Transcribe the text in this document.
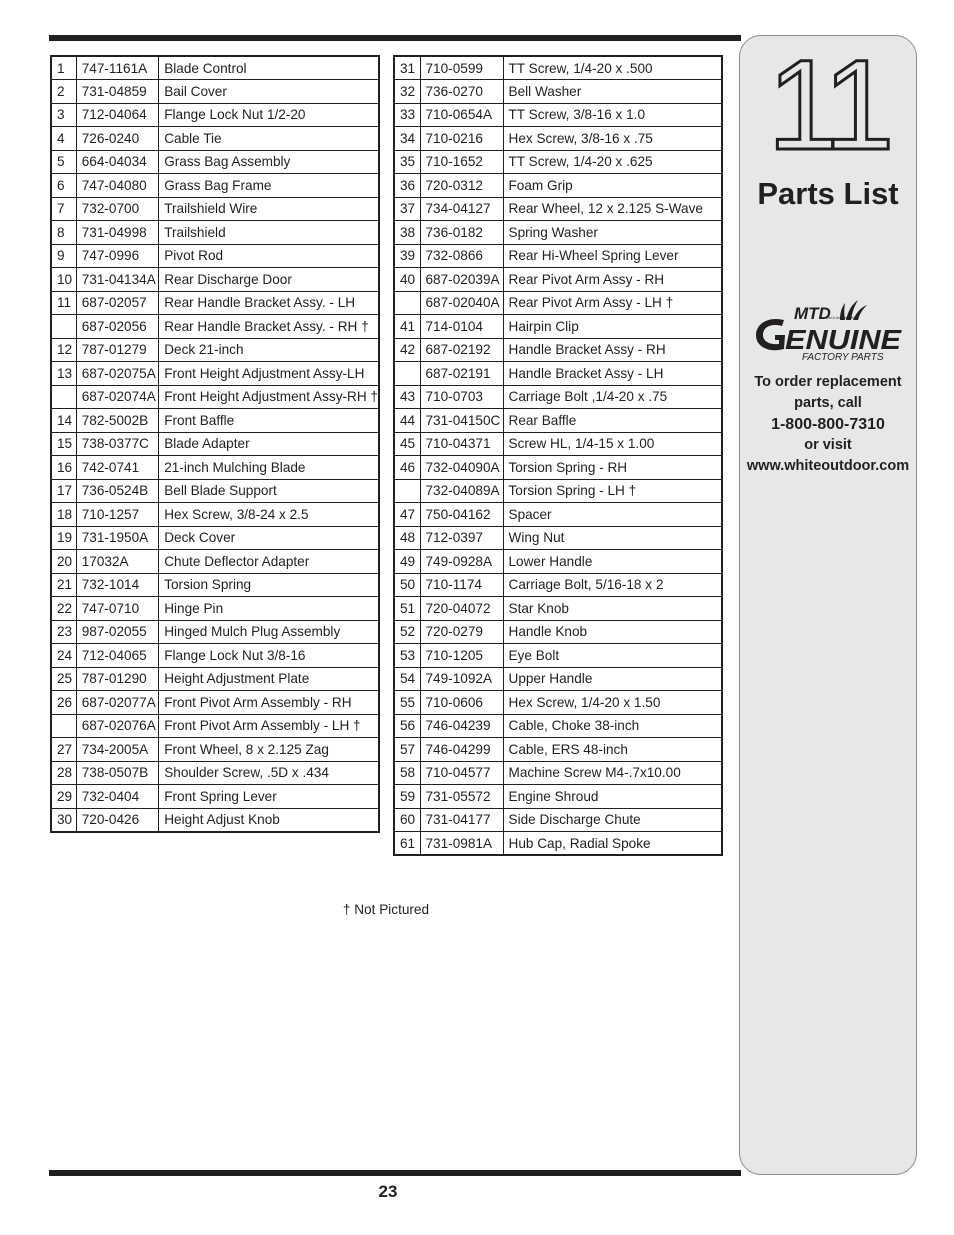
1	747-1161A	Blade Control
2	731-04859	Bail Cover
3	712-04064	Flange Lock Nut 1/2-20
4	726-0240	Cable Tie
5	664-04034	Grass Bag Assembly
6	747-04080	Grass Bag Frame
7	732-0700	Trailshield Wire
8	731-04998	Trailshield
9	747-0996	Pivot Rod
10	731-04134A	Rear Discharge Door
11	687-02057	Rear Handle Bracket Assy. - LH
	687-02056	Rear Handle Bracket Assy. - RH †
12	787-01279	Deck 21-inch
13	687-02075A	Front Height Adjustment Assy-LH
	687-02074A	Front Height Adjustment Assy-RH †
14	782-5002B	Front Baffle
15	738-0377C	Blade Adapter
16	742-0741	21-inch Mulching Blade
17	736-0524B	Bell Blade Support
18	710-1257	Hex Screw, 3/8-24 x 2.5
19	731-1950A	Deck Cover
20	17032A	Chute Deflector Adapter
21	732-1014	Torsion Spring
22	747-0710	Hinge Pin
23	987-02055	Hinged Mulch Plug Assembly
24	712-04065	Flange Lock Nut 3/8-16
25	787-01290	Height Adjustment Plate
26	687-02077A	Front Pivot Arm Assembly - RH
	687-02076A	Front Pivot Arm Assembly - LH †
27	734-2005A	Front Wheel, 8 x 2.125 Zag
28	738-0507B	Shoulder Screw, .5D x .434
29	732-0404	Front Spring Lever
30	720-0426	Height Adjust Knob
31	710-0599	TT Screw, 1/4-20 x .500
32	736-0270	Bell Washer
33	710-0654A	TT Screw, 3/8-16 x 1.0
34	710-0216	Hex Screw, 3/8-16 x .75
35	710-1652	TT Screw, 1/4-20 x .625
36	720-0312	Foam Grip
37	734-04127	Rear Wheel, 12 x 2.125 S-Wave
38	736-0182	Spring Washer
39	732-0866	Rear Hi-Wheel Spring Lever
40	687-02039A	Rear Pivot Arm Assy - RH
	687-02040A	Rear Pivot Arm Assy - LH †
41	714-0104	Hairpin Clip
42	687-02192	Handle Bracket Assy - RH
	687-02191	Handle Bracket Assy - LH
43	710-0703	Carriage Bolt ,1/4-20 x .75
44	731-04150C	Rear Baffle
45	710-04371	Screw HL, 1/4-15 x 1.00
46	732-04090A	Torsion Spring - RH
	732-04089A	Torsion Spring - LH †
47	750-04162	Spacer
48	712-0397	Wing Nut
49	749-0928A	Lower Handle
50	710-1174	Carriage Bolt, 5/16-18 x 2
51	720-04072	Star Knob
52	720-0279	Handle Knob
53	710-1205	Eye Bolt
54	749-1092A	Upper Handle
55	710-0606	Hex Screw, 1/4-20 x 1.50
56	746-04239	Cable, Choke 38-inch
57	746-04299	Cable, ERS 48-inch
58	710-04577	Machine Screw M4-.7x10.00
59	731-05572	Engine Shroud
60	731-04177	Side Discharge Chute
61	731-0981A	Hub Cap, Radial Spoke
† Not Pictured
11
Parts List
MTD
Get A Growing World
ENUINE
FACTORY PARTS
To order replacement
parts, call
1-800-800-7310
or visit
www.whiteoutdoor.com
23
